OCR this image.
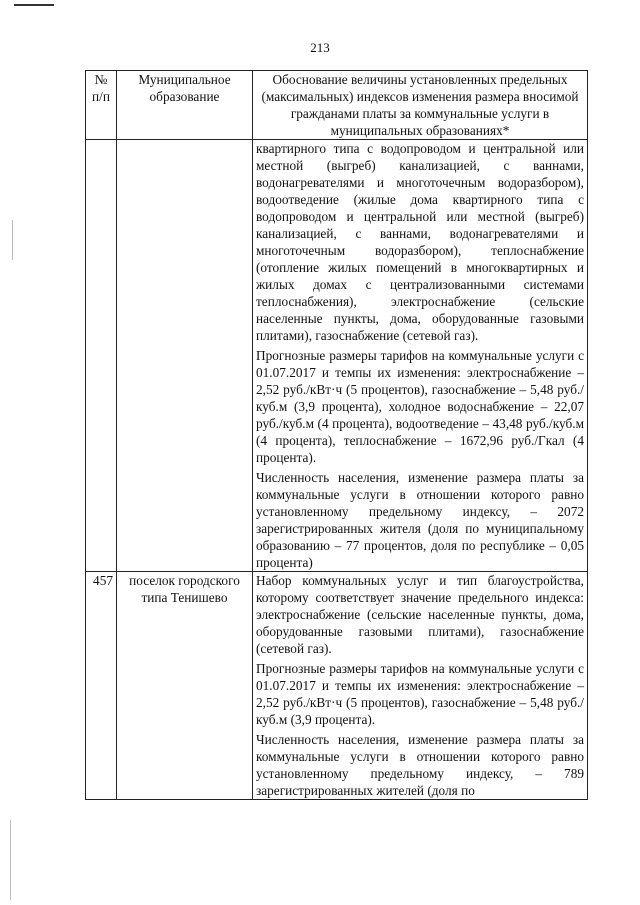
213
№ п/п	Муниципальное образование	Обоснование величины установленных предельных (максимальных) индексов изменения размера вносимой гражданами платы за коммунальные услуги в муниципальных образованиях*

		квартирного типа с водопроводом и центральной или местной (выгреб) канализацией, с ваннами, водонагревателями и многоточечным водоразбором), водоотведение (жилые дома квартирного типа с водопроводом и центральной или местной (выгреб) канализацией, с ваннами, водонагревателями и многоточечным водоразбором), теплоснабжение (отопление жилых помещений в многоквартирных и жилых домах с централизованными системами теплоснабжения), электроснабжение (сельские населенные пункты, дома, оборудованные газовыми плитами), газоснабжение (сетевой газ).

Прогнозные размеры тарифов на коммунальные услуги с 01.07.2017 и темпы их изменения: электроснабжение – 2,52 руб./кВт·ч (5 процентов), газоснабжение – 5,48 руб./куб.м (3,9 процента), холодное водоснабжение – 22,07 руб./куб.м (4 процента), водоотведение – 43,48 руб./куб.м (4 процента), теплоснабжение – 1672,96 руб./Гкал (4 процента).

Численность населения, изменение размера платы за коммунальные услуги в отношении которого равно установленному предельному индексу, – 2072 зарегистрированных жителя (доля по муниципальному образованию – 77 процентов, доля по республике – 0,05 процента)

457	поселок городского типа Тенишево	Набор коммунальных услуг и тип благоустройства, которому соответствует значение предельного индекса: электроснабжение (сельские населенные пункты, дома, оборудованные газовыми плитами), газоснабжение (сетевой газ).

Прогнозные размеры тарифов на коммунальные услуги с 01.07.2017 и темпы их изменения: электроснабжение – 2,52 руб./кВт·ч (5 процентов), газоснабжение – 5,48 руб./куб.м (3,9 процента).

Численность населения, изменение размера платы за коммунальные услуги в отношении которого равно установленному предельному индексу, – 789 зарегистрированных жителей (доля по
